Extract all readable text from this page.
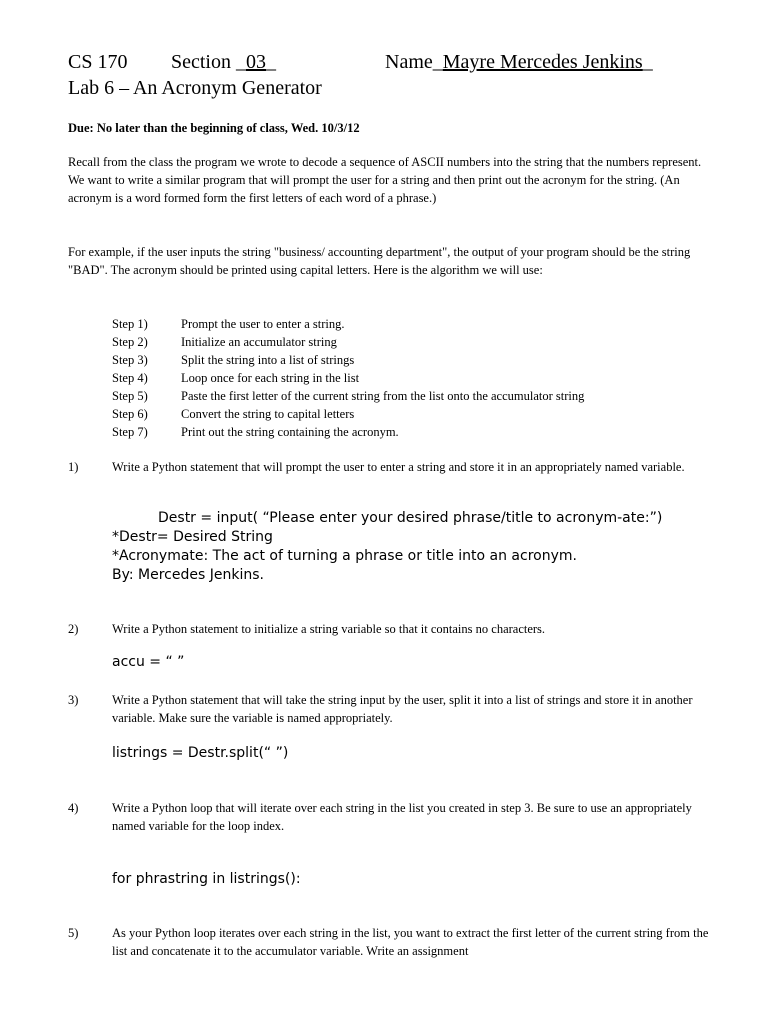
CS 170 Section _03_	Name_Mayre Mercedes Jenkins_
Lab 6 – An Acronym Generator
Due: No later than the beginning of class, Wed. 10/3/12
Recall from the class the program we wrote to decode a sequence of ASCII numbers into the string that the numbers represent. We want to write a similar program that will prompt the user for a string and then print out the acronym for the string. (An acronym is a word formed form the first letters of each word of a phrase.)
For example, if the user inputs the string "business/ accounting department", the output of your program should be the string "BAD". The acronym should be printed using capital letters. Here is the algorithm we will use:
Step 1)	Prompt the user to enter a string.
Step 2)	Initialize an accumulator string
Step 3)	Split the string into a list of strings
Step 4)	Loop once for each string in the list
Step 5)	Paste the first letter of the current string from the list onto the accumulator string
Step 6)	Convert the string to capital letters
Step 7)	Print out the string containing the acronym.
1)	Write a Python statement that will prompt the user to enter a string and store it in an appropriately named variable.
Destr = input( “Please enter your desired phrase/title to acronym-ate:”)
*Destr= Desired String
*Acronymate: The act of turning a phrase or title into an acronym.
By: Mercedes Jenkins.
2)	Write a Python statement to initialize a string variable so that it contains no characters.
accu = “ ”
3)	Write a Python statement that will take the string input by the user, split it into a list of strings and store it in another variable. Make sure the variable is named appropriately.
listrings = Destr.split(“ ”)
4)	Write a Python loop that will iterate over each string in the list you created in step 3. Be sure to use an appropriately named variable for the loop index.
for phrastring in listrings():
5)	As your Python loop iterates over each string in the list, you want to extract the first letter of the current string from the list and concatenate it to the accumulator variable. Write an assignment
